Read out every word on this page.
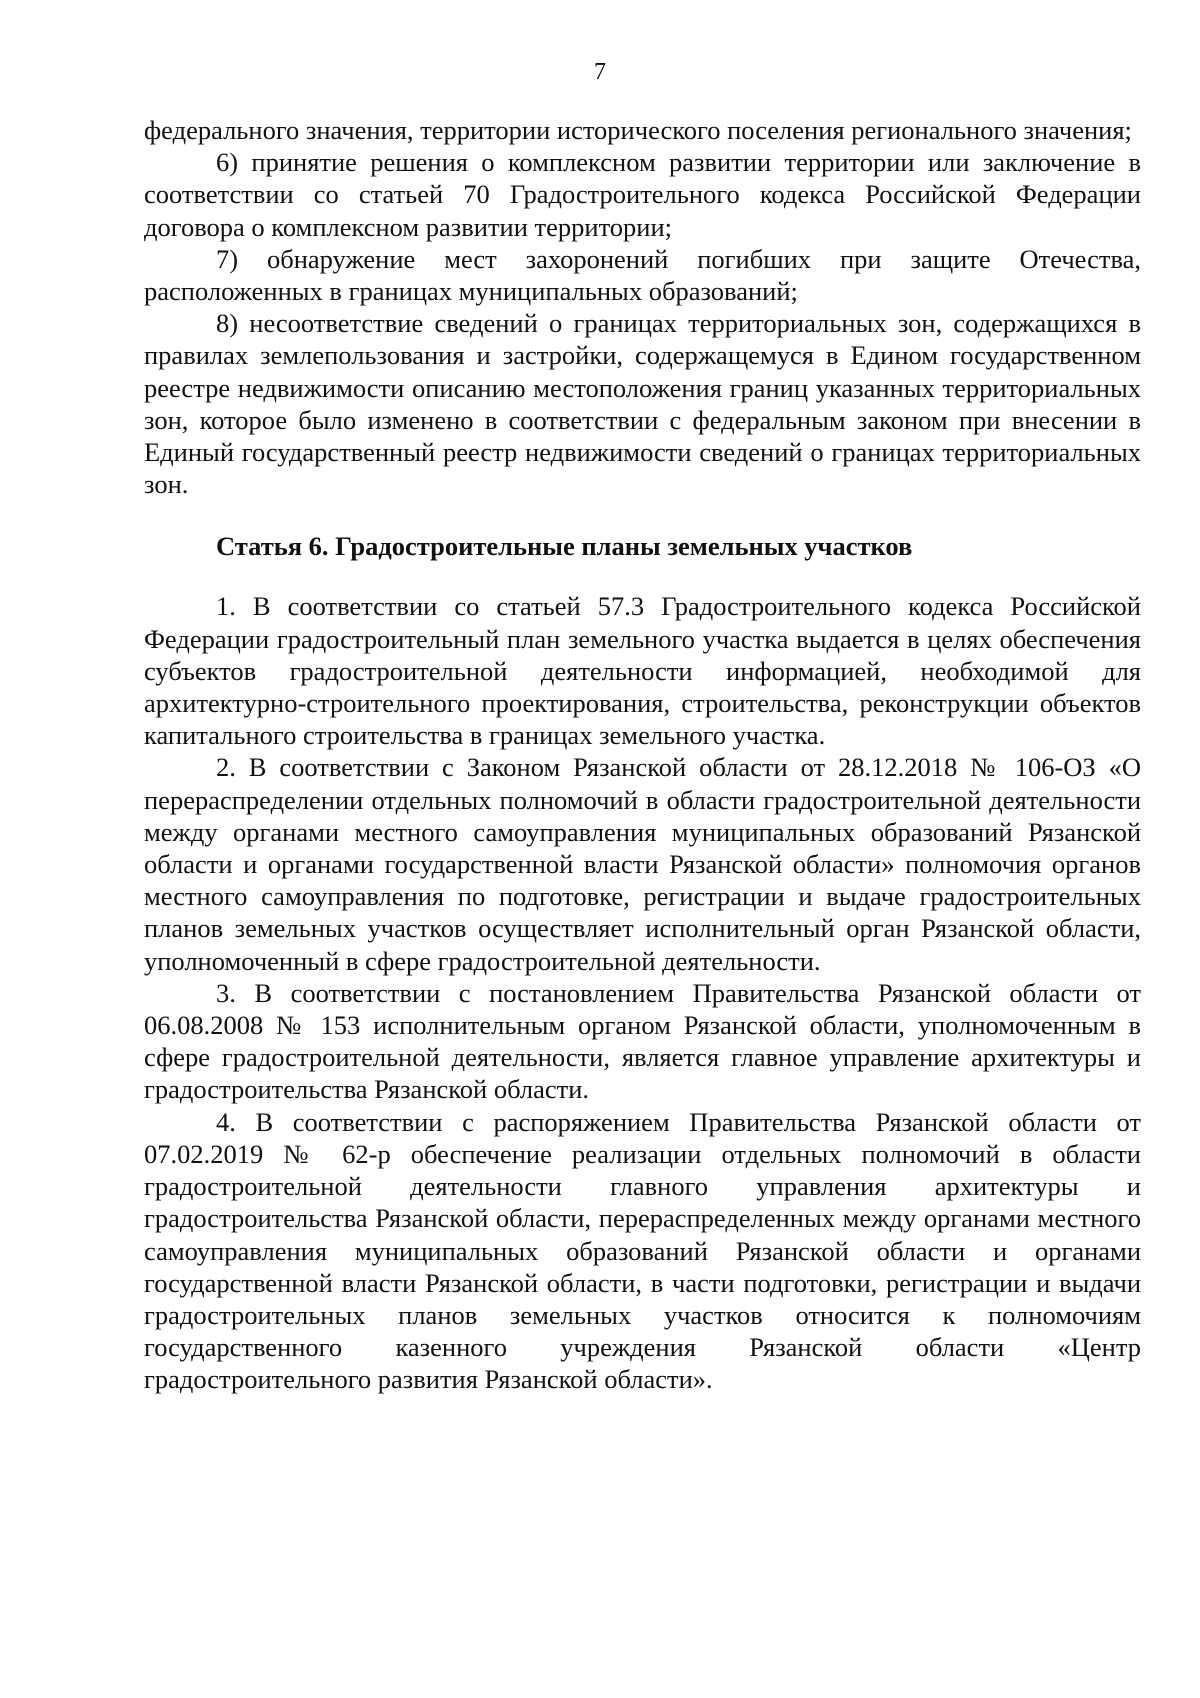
7

федерального значения, территории исторического поселения регионального значения;

6) принятие решения о комплексном развитии территории или заключение в соответствии со статьей 70 Градостроительного кодекса Российской Федерации договора о комплексном развитии территории;

7) обнаружение мест захоронений погибших при защите Отечества, расположенных в границах муниципальных образований;

8) несоответствие сведений о границах территориальных зон, содержащихся в правилах землепользования и застройки, содержащемуся в Едином государственном реестре недвижимости описанию местоположения границ указанных территориальных зон, которое было изменено в соответствии с федеральным законом при внесении в Единый государственный реестр недвижимости сведений о границах территориальных зон.

Статья 6. Градостроительные планы земельных участков

1. В соответствии со статьей 57.3 Градостроительного кодекса Российской Федерации градостроительный план земельного участка выдается в целях обеспечения субъектов градостроительной деятельности информацией, необходимой для архитектурно-строительного проектирования, строительства, реконструкции объектов капитального строительства в границах земельного участка.

2. В соответствии с Законом Рязанской области от 28.12.2018 № 106-ОЗ «О перераспределении отдельных полномочий в области градостроительной деятельности между органами местного самоуправления муниципальных образований Рязанской области и органами государственной власти Рязанской области» полномочия органов местного самоуправления по подготовке, регистрации и выдаче градостроительных планов земельных участков осуществляет исполнительный орган Рязанской области, уполномоченный в сфере градостроительной деятельности.

3. В соответствии с постановлением Правительства Рязанской области от 06.08.2008 № 153 исполнительным органом Рязанской области, уполномоченным в сфере градостроительной деятельности, является главное управление архитектуры и градостроительства Рязанской области.

4. В соответствии с распоряжением Правительства Рязанской области от 07.02.2019 № 62-р обеспечение реализации отдельных полномочий в области градостроительной деятельности главного управления архитектуры и градостроительства Рязанской области, перераспределенных между органами местного самоуправления муниципальных образований Рязанской области и органами государственной власти Рязанской области, в части подготовки, регистрации и выдачи градостроительных планов земельных участков относится к полномочиям государственного казенного учреждения Рязанской области «Центр градостроительного развития Рязанской области».
